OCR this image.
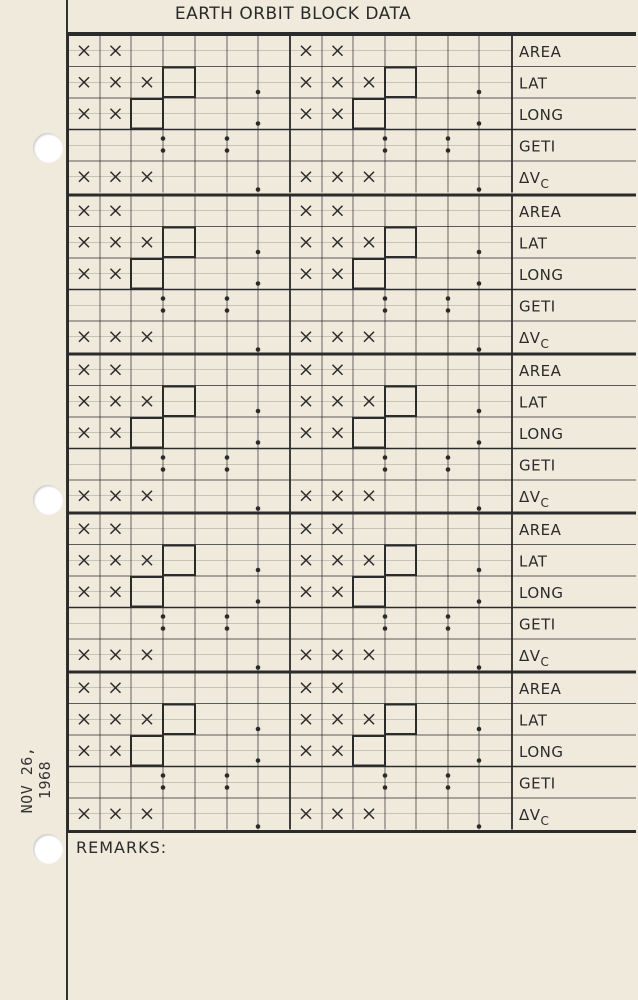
EARTH ORBIT BLOCK DATA
AREA
LAT
LONG
GETI
$\Delta V_C$
AREA
LAT
LONG
GETI
$\Delta V_C$
AREA
LAT
LONG
GETI
$\Delta V_C$
AREA
LAT
LONG
GETI
$\Delta V_C$
AREA
LAT
LONG
GETI
$\Delta V_C$
NOV 26, 1968
REMARKS:
